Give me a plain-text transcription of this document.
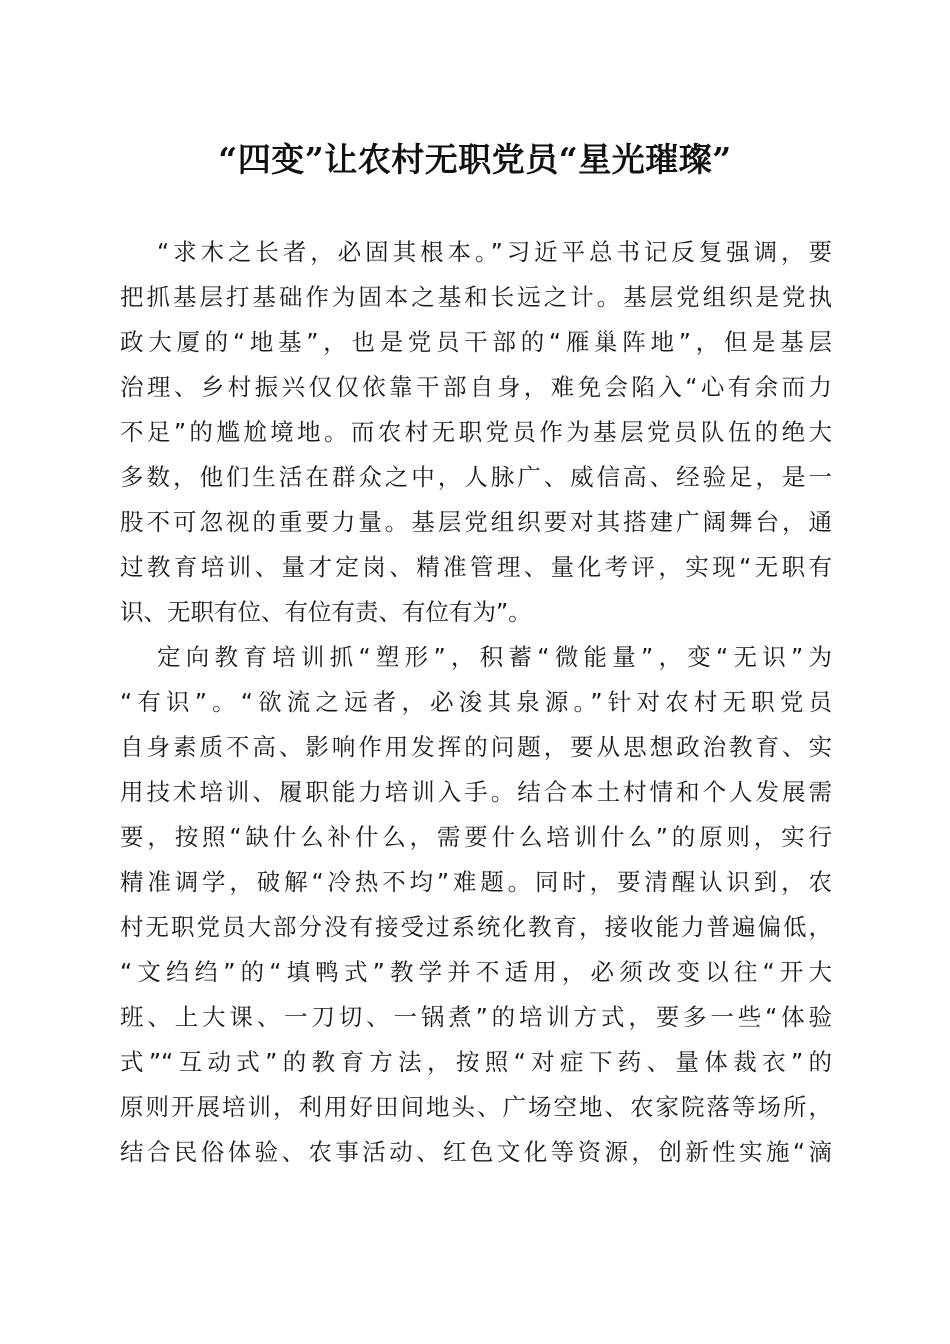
“四变”让农村无职党员“星光璀璨”
“求木之长者，必固其根本。”习近平总书记反复强调，要
把抓基层打基础作为固本之基和长远之计。基层党组织是党执
政大厦的“地基”，也是党员干部的“雁巢阵地”，但是基层
治理、乡村振兴仅仅依靠干部自身，难免会陷入“心有余而力
不足”的尴尬境地。而农村无职党员作为基层党员队伍的绝大
多数，他们生活在群众之中，人脉广、威信高、经验足，是一
股不可忽视的重要力量。基层党组织要对其搭建广阔舞台，通
过教育培训、量才定岗、精准管理、量化考评，实现“无职有
识、无职有位、有位有责、有位有为”。
定向教育培训抓“塑形”，积蓄“微能量”，变“无识”为
“有识”。“欲流之远者，必浚其泉源。”针对农村无职党员
自身素质不高、影响作用发挥的问题，要从思想政治教育、实
用技术培训、履职能力培训入手。结合本土村情和个人发展需
要，按照“缺什么补什么，需要什么培训什么”的原则，实行
精准调学，破解“冷热不均”难题。同时，要清醒认识到，农
村无职党员大部分没有接受过系统化教育，接收能力普遍偏低，
“文绉绉”的“填鸭式”教学并不适用，必须改变以往“开大
班、上大课、一刀切、一锅煮”的培训方式，要多一些“体验
式”“互动式”的教育方法，按照“对症下药、量体裁衣”的
原则开展培训，利用好田间地头、广场空地、农家院落等场所，
结合民俗体验、农事活动、红色文化等资源，创新性实施“滴
